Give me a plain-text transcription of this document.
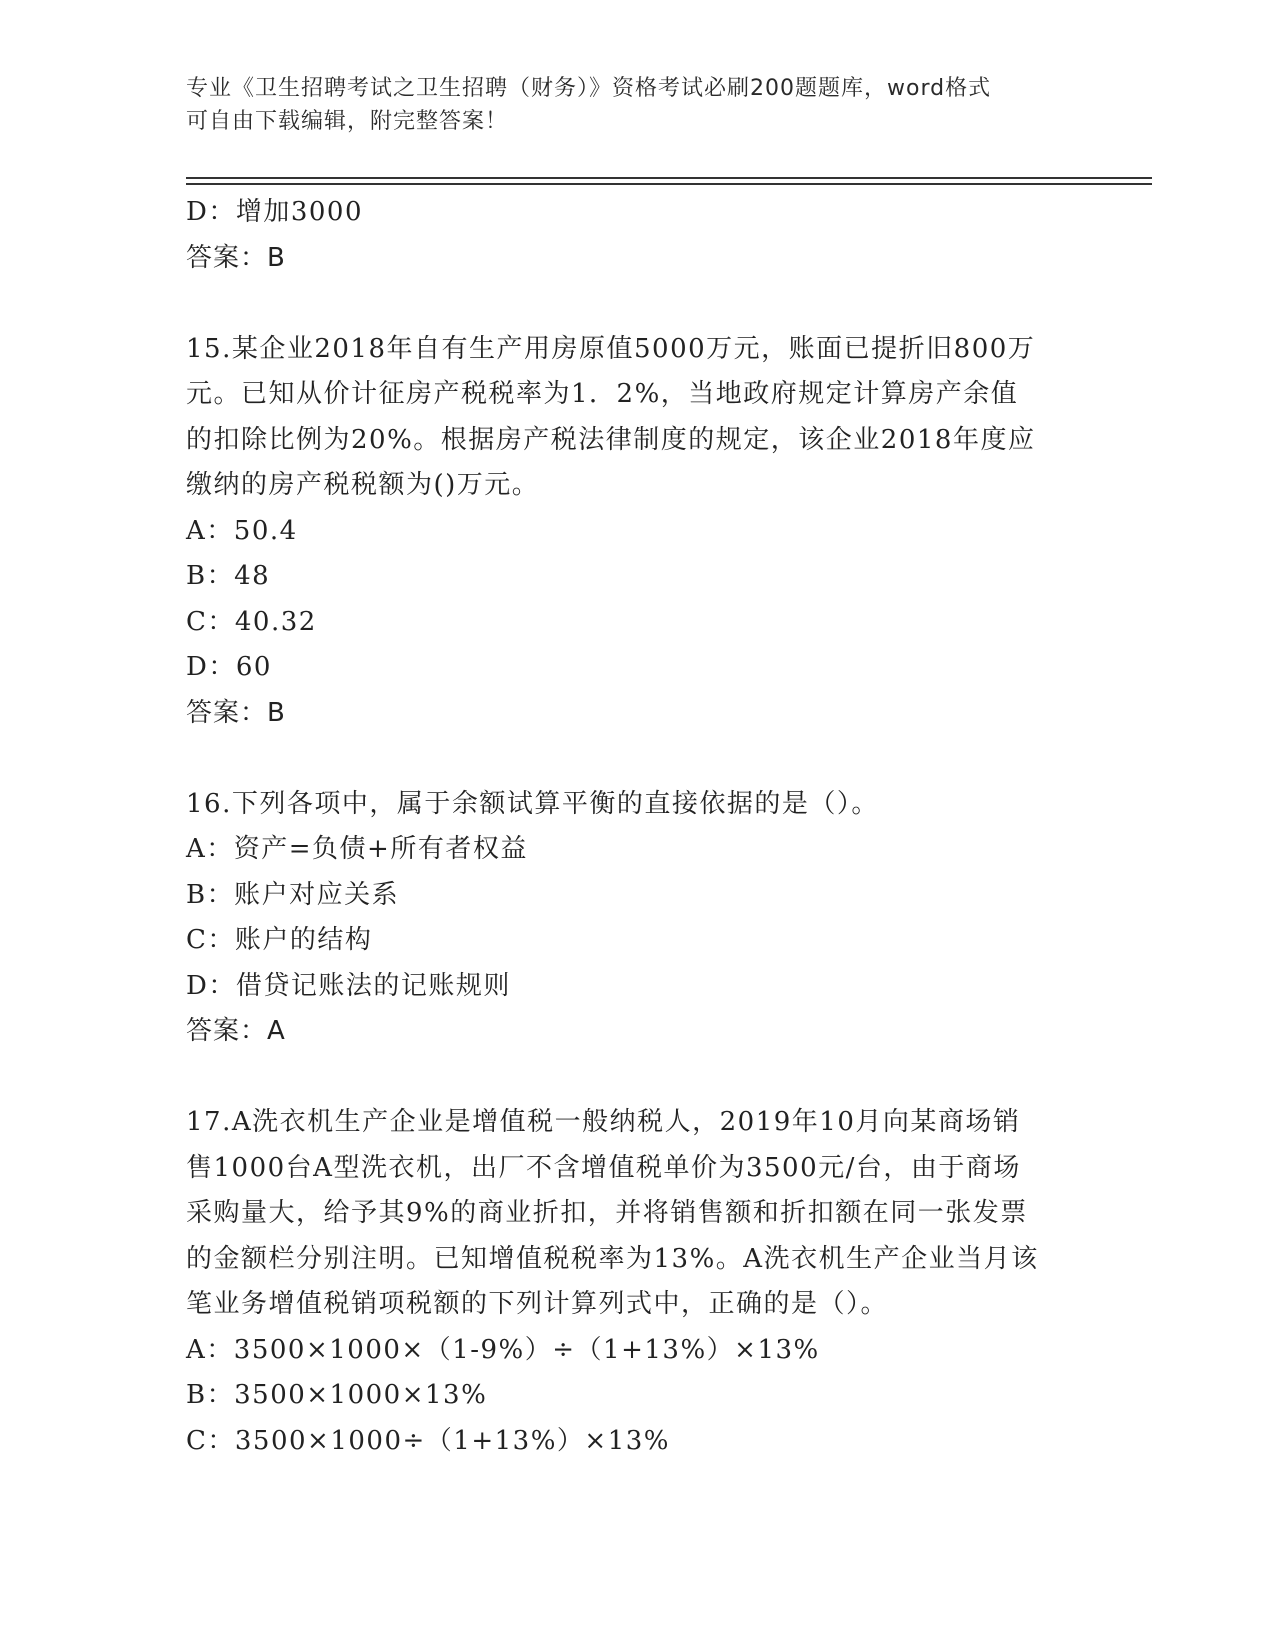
专业《卫生招聘考试之卫生招聘（财务）》资格考试必刷200题题库，word格式
可自由下载编辑，附完整答案！
D：增加3000
答案：B
15.某企业2018年自有生产用房原值5000万元，账面已提折旧800万
元。已知从价计征房产税税率为1．2%，当地政府规定计算房产余值
的扣除比例为20%。根据房产税法律制度的规定，该企业2018年度应
缴纳的房产税税额为()万元。
A：50.4
B：48
C：40.32
D：60
答案：B
16.下列各项中，属于余额试算平衡的直接依据的是（）。
A：资产=负债+所有者权益
B：账户对应关系
C：账户的结构
D：借贷记账法的记账规则
答案：A
17.A洗衣机生产企业是增值税一般纳税人，2019年10月向某商场销
售1000台A型洗衣机，出厂不含增值税单价为3500元/台，由于商场
采购量大，给予其9%的商业折扣，并将销售额和折扣额在同一张发票
的金额栏分别注明。已知增值税税率为13%。A洗衣机生产企业当月该
笔业务增值税销项税额的下列计算列式中，正确的是（）。
A：3500×1000×（1-9%）÷（1+13%）×13%
B：3500×1000×13%
C：3500×1000÷（1+13%）×13%
